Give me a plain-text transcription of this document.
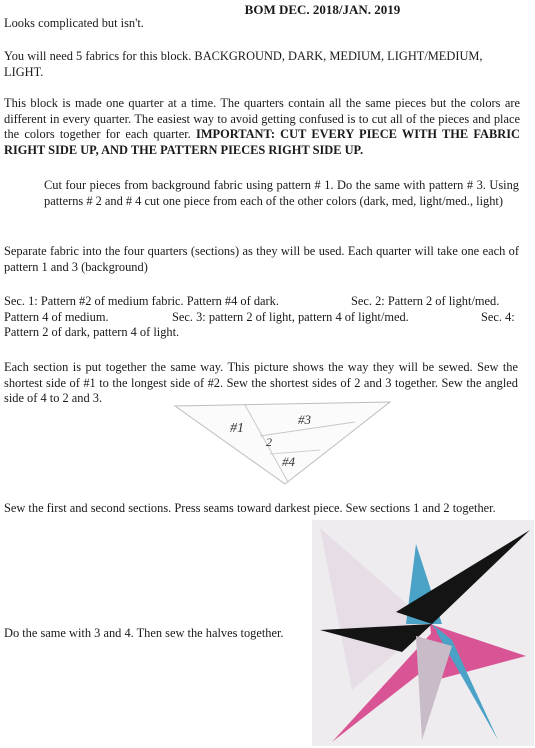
BOM DEC. 2018/JAN. 2019
Looks complicated but isn't.
You will need 5 fabrics for this block. BACKGROUND, DARK, MEDIUM, LIGHT/MEDIUM, LIGHT.
This block is made one quarter at a time. The quarters contain all the same pieces but the colors are different in every quarter. The easiest way to avoid getting confused is to cut all of the pieces and place the colors together for each quarter. IMPORTANT: CUT EVERY PIECE WITH THE FABRIC RIGHT SIDE UP, AND THE PATTERN PIECES RIGHT SIDE UP.
Cut four pieces from background fabric using pattern # 1. Do the same with pattern # 3. Using patterns # 2 and # 4 cut one piece from each of the other colors (dark, med, light/med., light)
Separate fabric into the four quarters (sections) as they will be used. Each quarter will take one each of pattern 1 and 3 (background)
Sec. 1: Pattern #2 of medium fabric. Pattern #4 of dark.	Sec. 2: Pattern 2 of light/med.
Pattern 4 of medium.	Sec. 3: pattern 2 of light, pattern 4 of light/med.	Sec. 4:
Pattern 2 of dark, pattern 4 of light.
Each section is put together the same way. This picture shows the way they will be sewed. Sew the shortest side of #1 to the longest side of #2. Sew the shortest sides of 2 and 3 together. Sew the angled side of 4 to 2 and 3.
#1
2
#3
#4
Sew the first and second sections. Press seams toward darkest piece. Sew sections 1 and 2 together.
Do the same with 3 and 4. Then sew the halves together.
